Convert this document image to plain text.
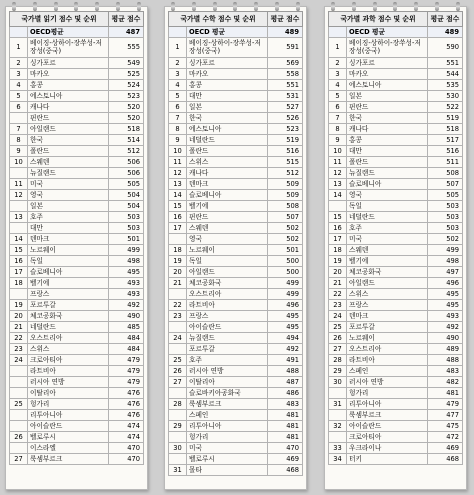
국가별 읽기 점수 및 순위		평균 점수
	OECD평균	487
1	베이징-상하이-장쑤성-저장성(중국)	555
2	싱가포르	549
3	마카오	525
4	홍콩	524
5	에스토니아	523
6	캐나다	520
	핀란드	520
7	아일랜드	518
8	한국	514
9	폴란드	512
10	스웨덴	506
	뉴질랜드	506
11	미국	505
12	영국	504
	일본	504
13	호주	503
	대만	503
14	덴마크	501
15	노르웨이	499
16	독일	498
17	슬로베니아	495
18	벨기에	493
	프랑스	493
19	포르투갈	492
20	체코공화국	490
21	네덜란드	485
22	오스트리아	484
23	스위스	484
24	크로아티아	479
	라트비아	479
	러시아 연방	479
	이탈리아	476
25	헝가리	476
	리투아니아	476
	아이슬란드	474
26	벨로루시	474
	이스라엘	470
27	룩셈부르크	470
국가별 수학 점수 및 순위		평균 점수
	OECD 평균	489
1	베이징-상하이-장쑤성-저장성(중국)	591
2	싱가포르	569
3	마카오	558
4	홍콩	551
5	대만	531
6	일본	527
7	한국	526
8	에스토니아	523
9	네덜란드	519
10	폴란드	516
11	스위스	515
12	캐나다	512
13	덴마크	509
14	슬로베니아	509
15	벨기에	508
16	핀란드	507
17	스웨덴	502
	영국	502
18	노르웨이	501
19	독일	500
20	아일랜드	500
21	체코공화국	499
	오스트리아	499
22	라트비아	496
23	프랑스	495
	아이슬란드	495
24	뉴질랜드	494
	포르투갈	492
25	호주	491
26	러시아 연방	488
27	이탈리아	487
	슬로바키아공화국	486
28	룩셈부르크	483
	스페인	481
29	리투아니아	481
	헝가리	481
30	미국	470
	벨로루시	469
31	몰타	468
국가별 과학 점수 및 순위		평균 점수
	OECD 평균	489
1	베이징-상하이-장쑤성-저장성(중국)	590
2	싱가포르	551
3	마카오	544
4	에스토니아	535
5	일본	530
6	핀란드	522
7	한국	519
8	캐나다	518
9	홍콩	517
10	대만	516
11	폴란드	511
12	뉴질랜드	508
13	슬로베니아	507
14	영국	505
	독일	503
15	네덜란드	503
16	호주	503
17	미국	502
18	스웨덴	499
19	벨기에	498
20	체코공화국	497
21	아일랜드	496
22	스위스	495
23	프랑스	495
24	덴마크	493
25	포르투갈	492
26	노르웨이	490
27	오스트리아	489
28	라트비아	488
29	스페인	483
30	러시아 연방	482
	헝가리	481
31	리투아니아	479
	룩셈부르크	477
32	아이슬란드	475
	크로아티아	472
33	우크라이나	469
34	터키	468
